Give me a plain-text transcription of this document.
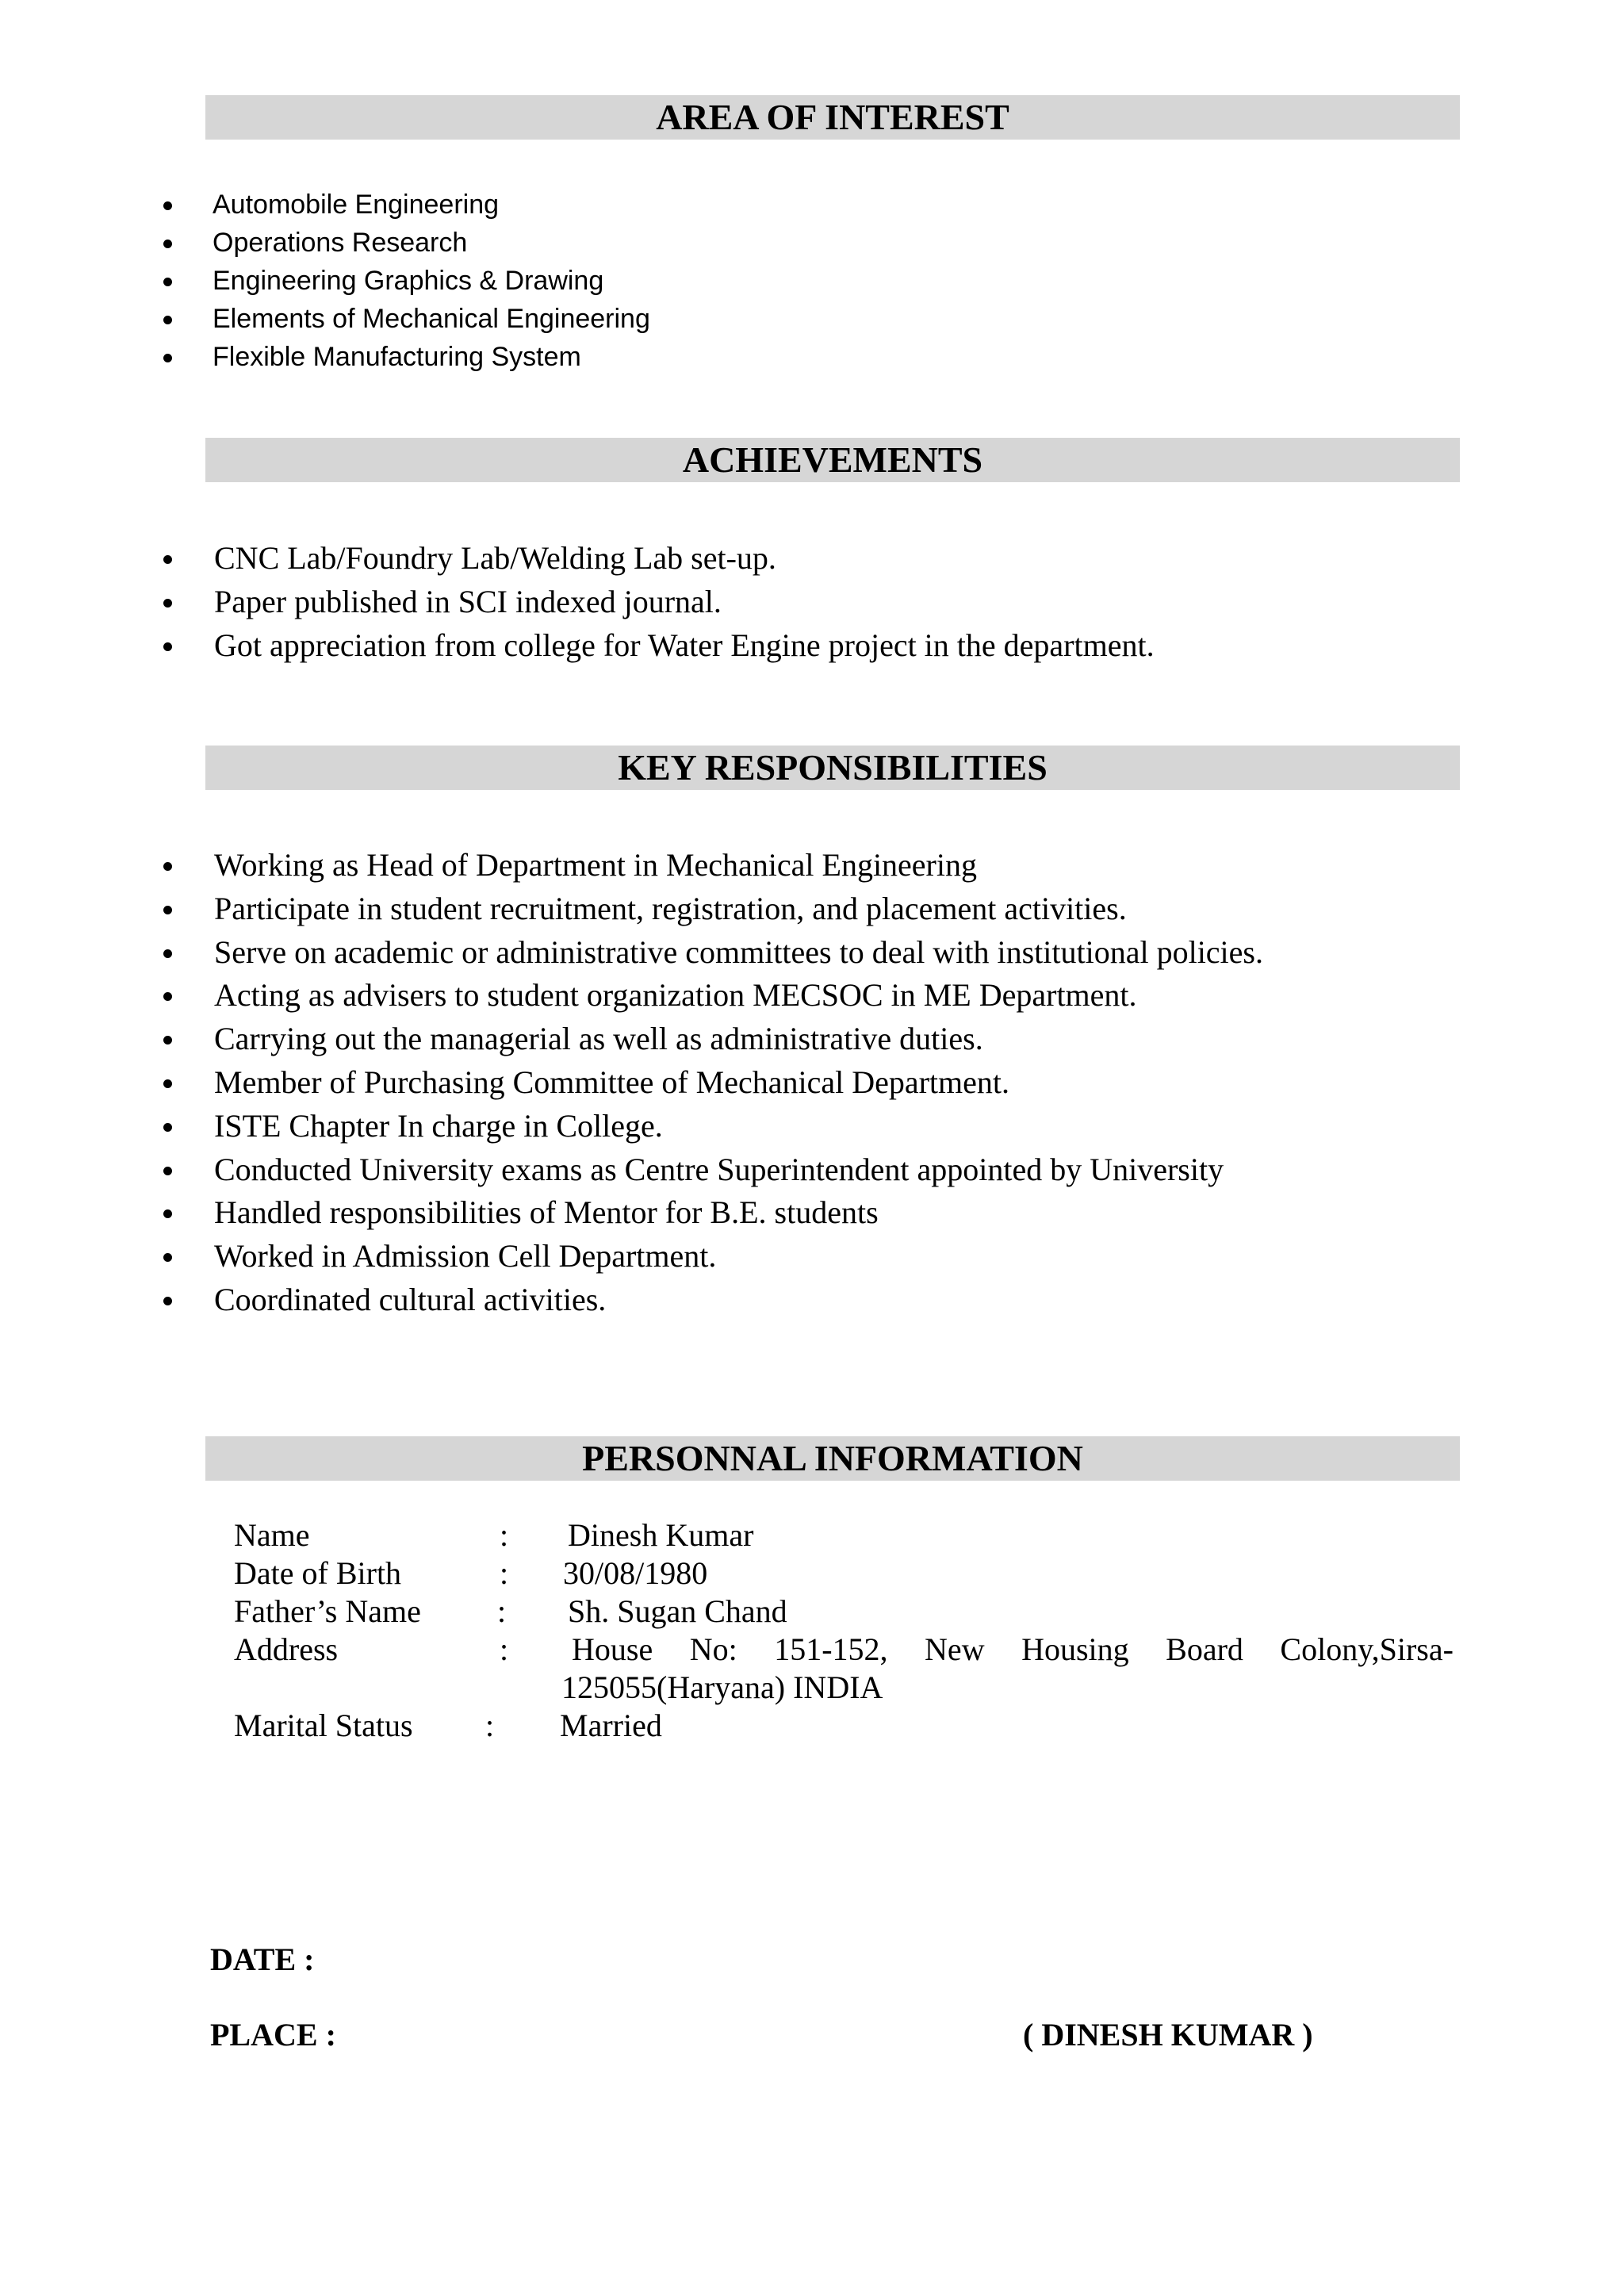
AREA OF INTEREST
Automobile Engineering
Operations Research
Engineering Graphics & Drawing
Elements of Mechanical Engineering
Flexible Manufacturing System
ACHIEVEMENTS
CNC Lab/Foundry Lab/Welding Lab set-up.
Paper published in SCI indexed journal.
Got appreciation from college for Water Engine project in the department.
KEY RESPONSIBILITIES
Working as Head of Department in Mechanical Engineering
Participate in student recruitment, registration, and placement activities.
Serve on academic or administrative committees to deal with institutional policies.
Acting as advisers to student organization MECSOC in ME Department.
Carrying out the managerial as well as administrative duties.
Member of Purchasing Committee of Mechanical Department.
ISTE Chapter In charge in College.
Conducted University exams as Centre Superintendent appointed by University
Handled responsibilities of Mentor for B.E. students
Worked in Admission Cell Department.
Coordinated cultural activities.
PERSONNAL INFORMATION
Name	: Dinesh Kumar
Date of Birth	: 30/08/1980
Father’s Name : Sh. Sugan Chand
Address	: House No: 151-152, New Housing Board Colony,Sirsa-
125055(Haryana) INDIA
Marital Status : Married
DATE :
PLACE :	( DINESH KUMAR )
